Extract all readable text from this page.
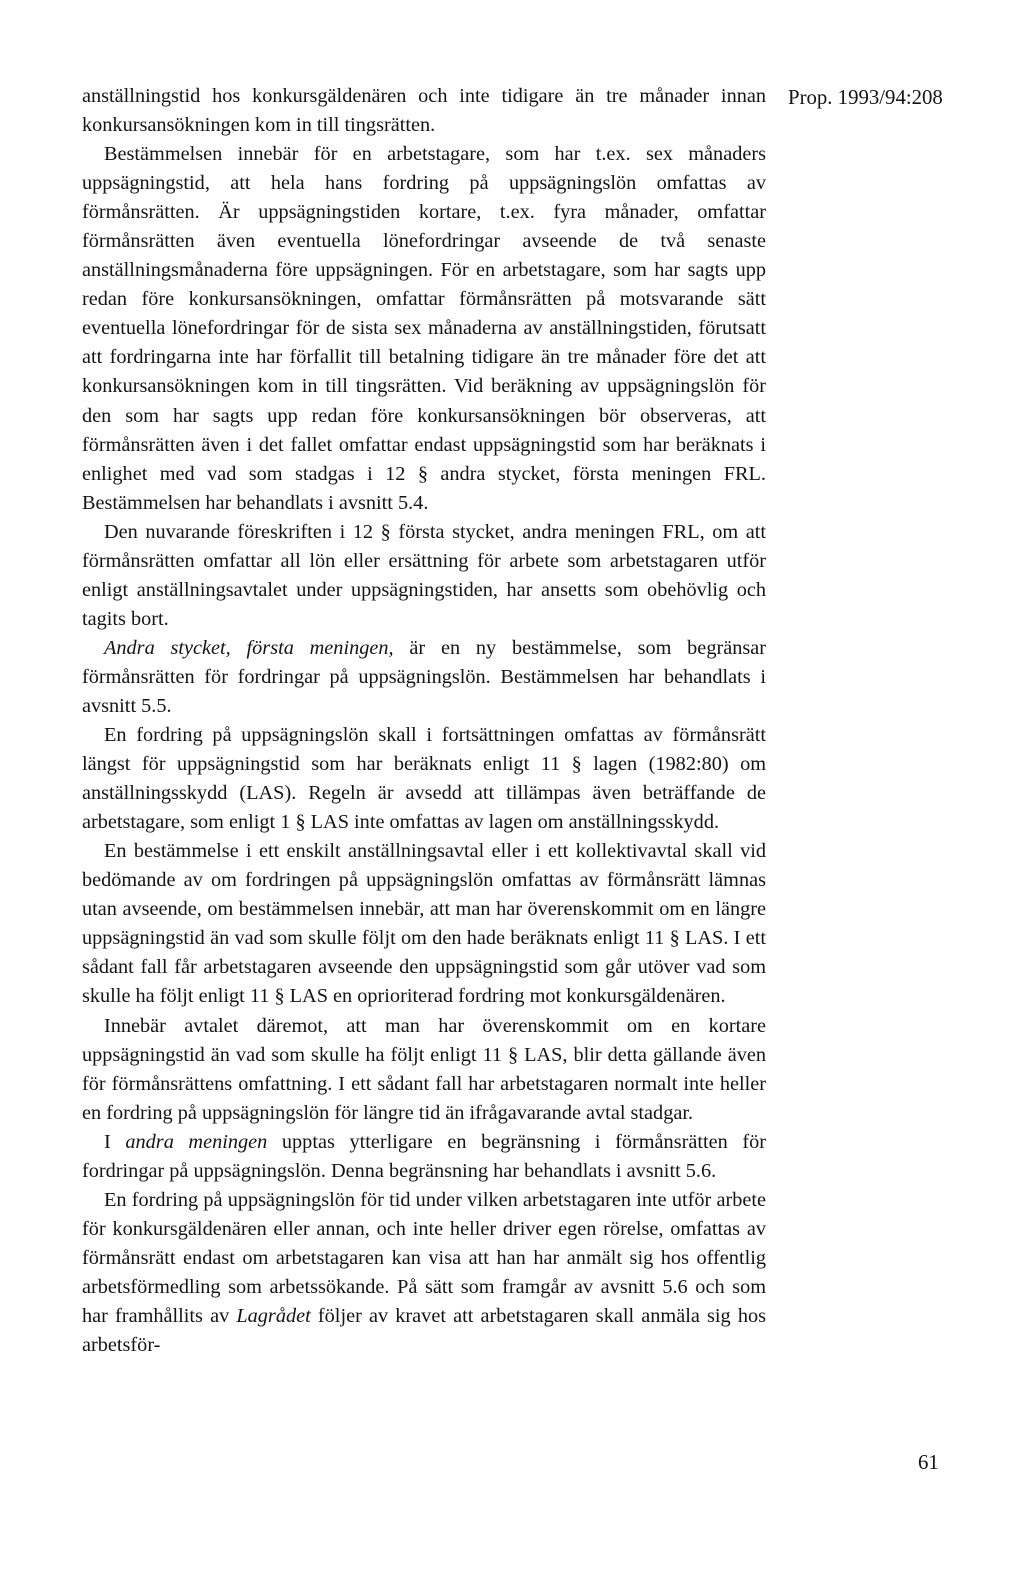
anställningstid hos konkursgäldenären och inte tidigare än tre månader innan konkursansökningen kom in till tingsrätten.

Bestämmelsen innebär för en arbetstagare, som har t.ex. sex månaders uppsägningstid, att hela hans fordring på uppsägningslön omfattas av förmånsrätten. Är uppsägningstiden kortare, t.ex. fyra månader, omfattar förmånsrätten även eventuella lönefordringar avseende de två senaste anställningsmånaderna före uppsägningen. För en arbetstagare, som har sagts upp redan före konkursansökningen, omfattar förmånsrätten på motsvarande sätt eventuella lönefordringar för de sista sex månaderna av anställningstiden, förutsatt att fordringarna inte har förfallit till betalning tidigare än tre månader före det att konkursansökningen kom in till tingsrätten. Vid beräkning av uppsägningslön för den som har sagts upp redan före konkursansökningen bör observeras, att förmånsrätten även i det fallet omfattar endast uppsägningstid som har beräknats i enlighet med vad som stadgas i 12 § andra stycket, första meningen FRL. Bestämmelsen har behandlats i avsnitt 5.4.

Den nuvarande föreskriften i 12 § första stycket, andra meningen FRL, om att förmånsrätten omfattar all lön eller ersättning för arbete som arbetstagaren utför enligt anställningsavtalet under uppsägningstiden, har ansetts som obehövlig och tagits bort.

Andra stycket, första meningen, är en ny bestämmelse, som begränsar förmånsrätten för fordringar på uppsägningslön. Bestämmelsen har behandlats i avsnitt 5.5.

En fordring på uppsägningslön skall i fortsättningen omfattas av förmånsrätt längst för uppsägningstid som har beräknats enligt 11 § lagen (1982:80) om anställningsskydd (LAS). Regeln är avsedd att tillämpas även beträffande de arbetstagare, som enligt 1 § LAS inte omfattas av lagen om anställningsskydd.

En bestämmelse i ett enskilt anställningsavtal eller i ett kollektivavtal skall vid bedömande av om fordringen på uppsägningslön omfattas av förmånsrätt lämnas utan avseende, om bestämmelsen innebär, att man har överenskommit om en längre uppsägningstid än vad som skulle följt om den hade beräknats enligt 11 § LAS. I ett sådant fall får arbetstagaren avseende den uppsägningstid som går utöver vad som skulle ha följt enligt 11 § LAS en oprioriterad fordring mot konkursgäldenären.

Innebär avtalet däremot, att man har överenskommit om en kortare uppsägningstid än vad som skulle ha följt enligt 11 § LAS, blir detta gällande även för förmånsrättens omfattning. I ett sådant fall har arbetstagaren normalt inte heller en fordring på uppsägningslön för längre tid än ifrågavarande avtal stadgar.

I andra meningen upptas ytterligare en begränsning i förmånsrätten för fordringar på uppsägningslön. Denna begränsning har behandlats i avsnitt 5.6.

En fordring på uppsägningslön för tid under vilken arbetstagaren inte utför arbete för konkursgäldenären eller annan, och inte heller driver egen rörelse, omfattas av förmånsrätt endast om arbetstagaren kan visa att han har anmält sig hos offentlig arbetsförmedling som arbetssökande. På sätt som framgår av avsnitt 5.6 och som har framhållits av Lagrådet följer av kravet att arbetstagaren skall anmäla sig hos arbetsför-

Prop. 1993/94:208
61
